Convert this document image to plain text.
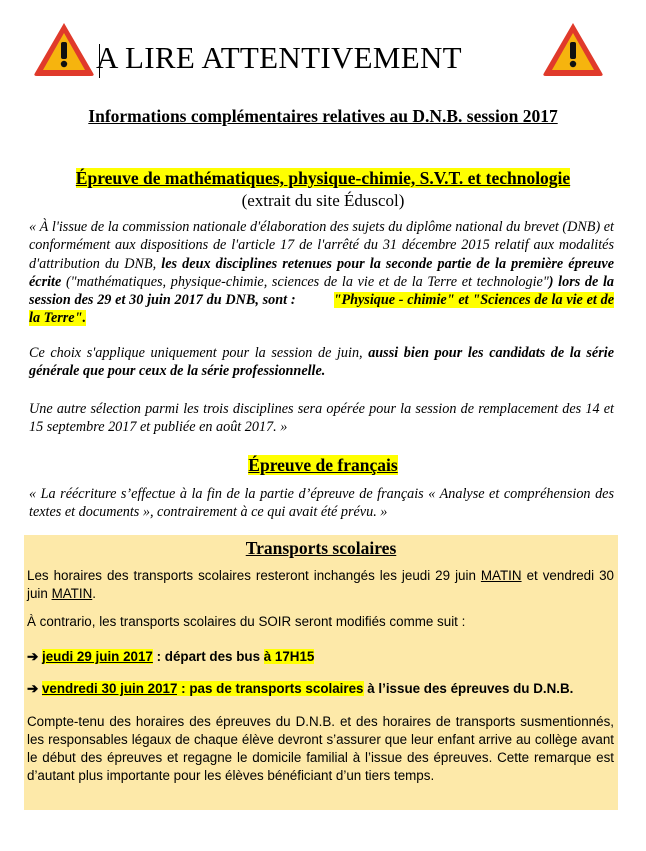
A LIRE ATTENTIVEMENT
Informations complémentaires relatives au D.N.B. session 2017
Épreuve de mathématiques, physique-chimie, S.V.T. et technologie
(extrait du site Éduscol)

« À l'issue de la commission nationale d'élaboration des sujets du diplôme national du brevet (DNB) et conformément aux dispositions de l'article 17 de l'arrêté du 31 décembre 2015 relatif aux modalités d'attribution du DNB, les deux disciplines retenues pour la seconde partie de la première épreuve écrite ("mathématiques, physique-chimie, sciences de la vie et de la Terre et technologie") lors de la session des 29 et 30 juin 2017 du DNB, sont :	"Physique - chimie" et "Sciences de la vie et de la Terre".

Ce choix s'applique uniquement pour la session de juin, aussi bien pour les candidats de la série générale que pour ceux de la série professionnelle.

Une autre sélection parmi les trois disciplines sera opérée pour la session de remplacement des 14 et 15 septembre 2017 et publiée en août 2017. »

Épreuve de français

« La réécriture s’effectue à la fin de la partie d’épreuve de français « Analyse et compréhension des textes et documents », contrairement à ce qui avait été prévu. »

Transports scolaires

Les horaires des transports scolaires resteront inchangés les jeudi 29 juin MATIN et vendredi 30 juin MATIN.

À contrario, les transports scolaires du SOIR seront modifiés comme suit :

➔ jeudi 29 juin 2017 : départ des bus à 17H15

➔ vendredi 30 juin 2017 : pas de transports scolaires à l’issue des épreuves du D.N.B.

Compte-tenu des horaires des épreuves du D.N.B. et des horaires de transports susmentionnés, les responsables légaux de chaque élève devront s’assurer que leur enfant arrive au collège avant le début des épreuves et regagne le domicile familial à l’issue des épreuves. Cette remarque est d’autant plus importante pour les élèves bénéficiant d’un tiers temps.
